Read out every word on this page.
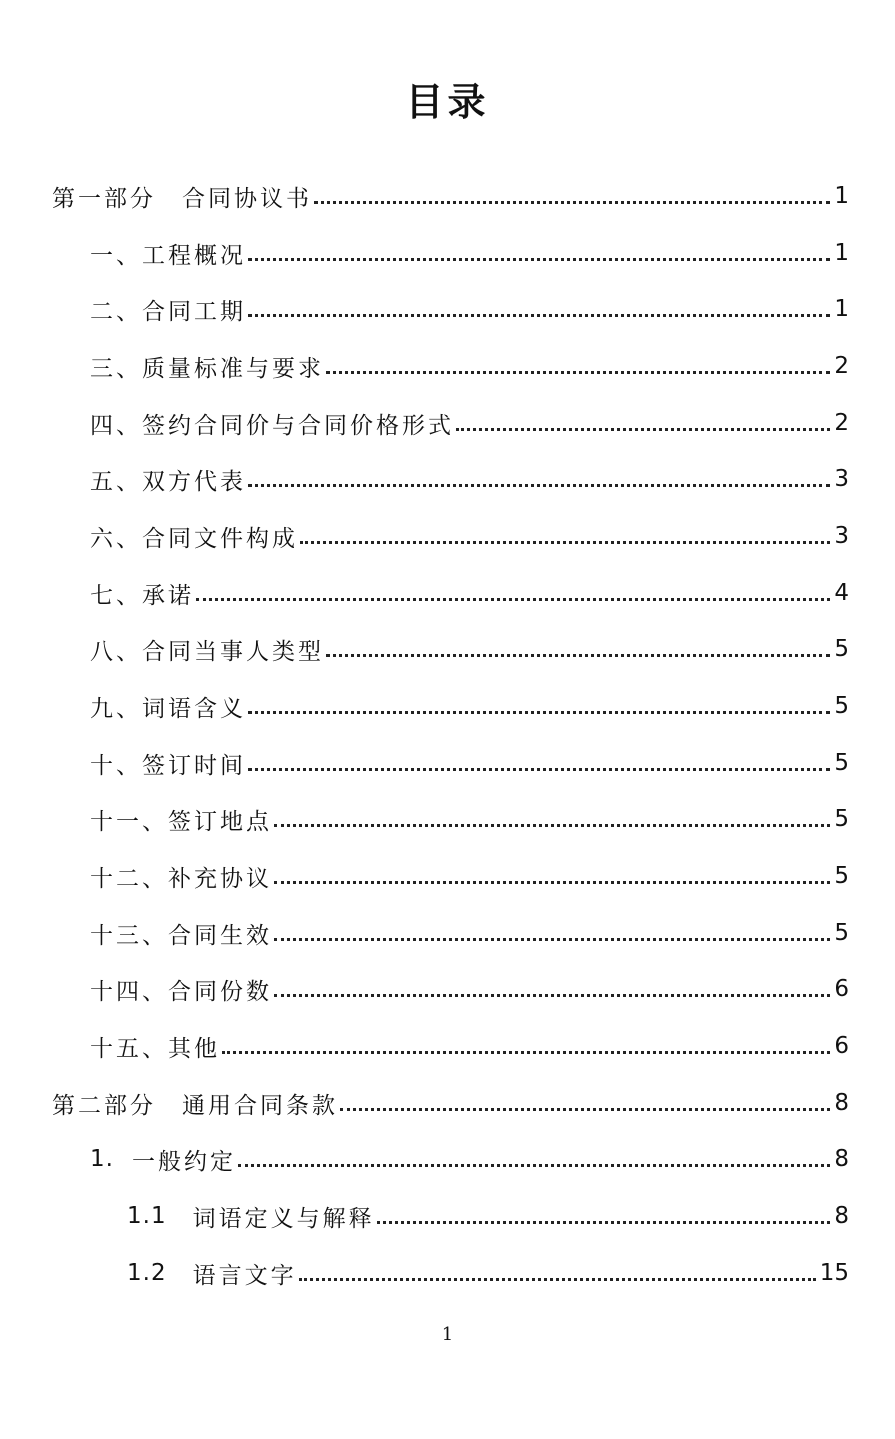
目录
第一部分 合同协议书	1
一、工程概况	1
二、合同工期	1
三、质量标准与要求	2
四、签约合同价与合同价格形式	2
五、双方代表	3
六、合同文件构成	3
七、承诺	4
八、合同当事人类型	5
九、词语含义	5
十、签订时间	5
十一、签订地点	5
十二、补充协议	5
十三、合同生效	5
十四、合同份数	6
十五、其他	6
第二部分 通用合同条款	8
1. 一般约定	8
1.1 词语定义与解释	8
1.2 语言文字	15
1
